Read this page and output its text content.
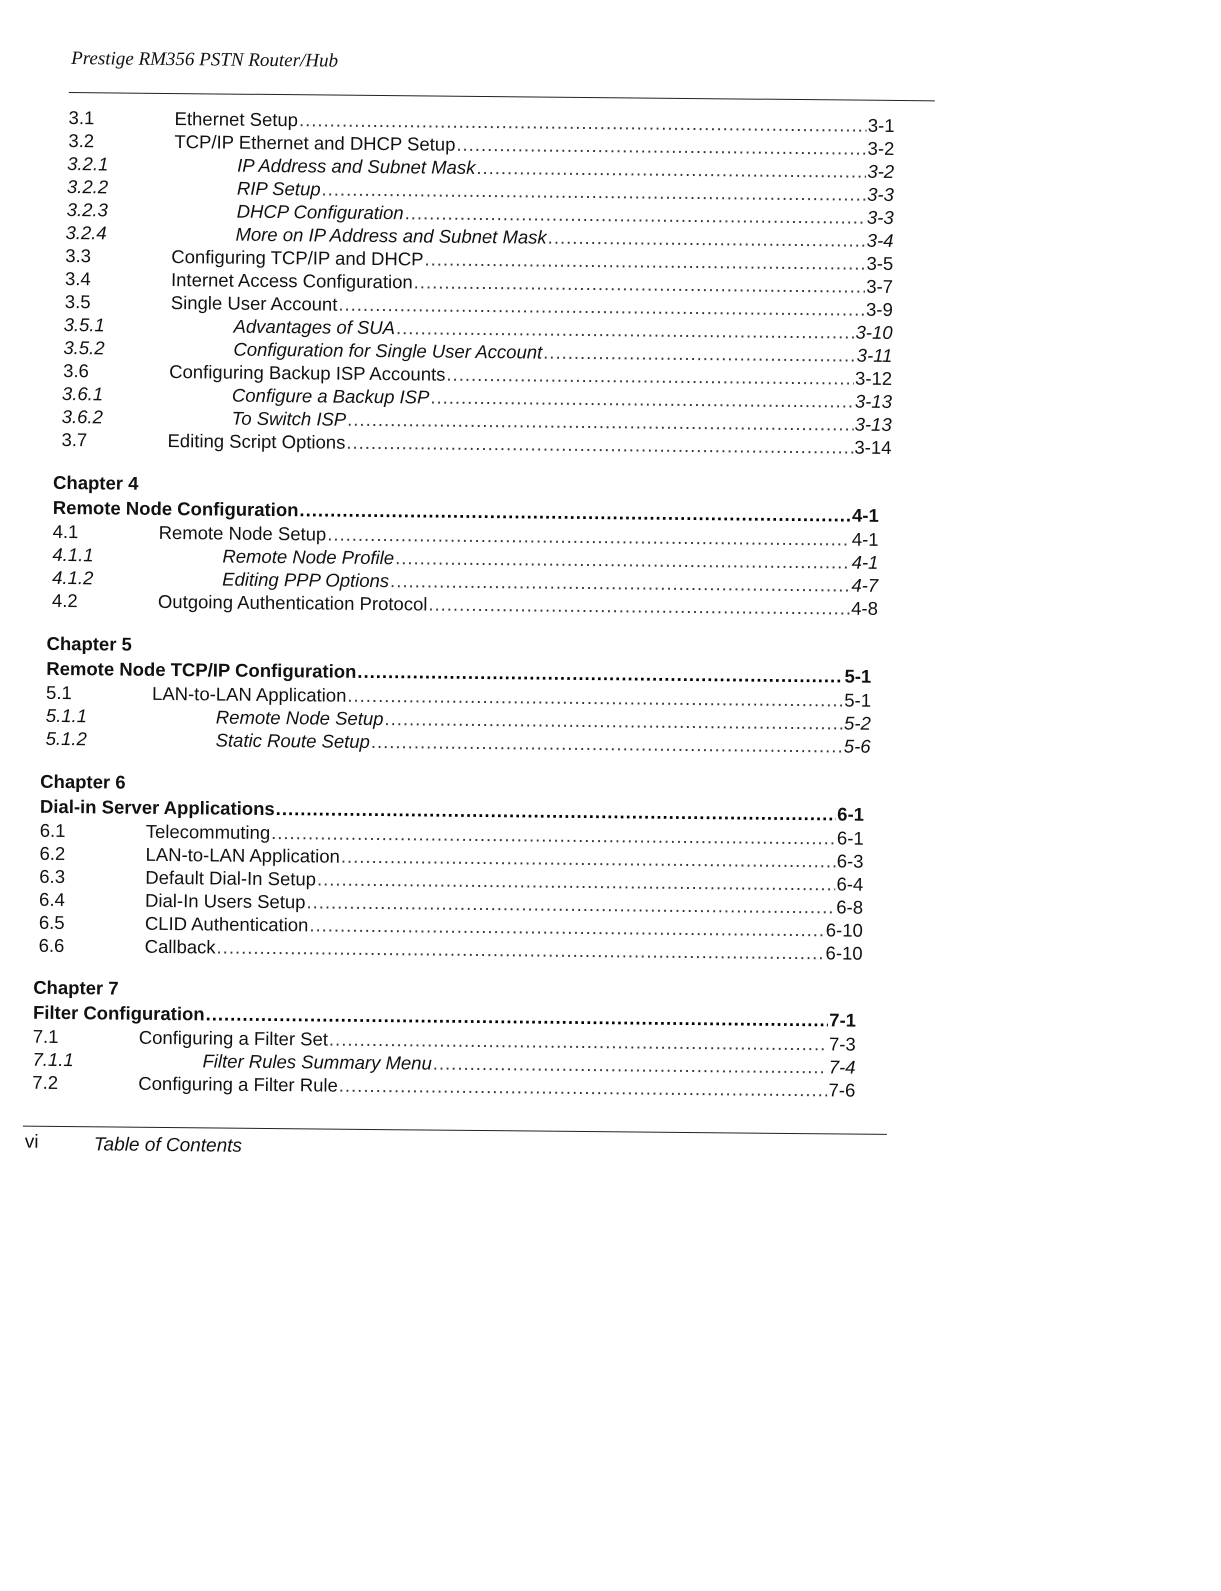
Prestige RM356 PSTN Router/Hub
3.1	Ethernet Setup .....	3-1
3.2	TCP/IP Ethernet and DHCP Setup .....	3-2
3.2.1	IP Address and Subnet Mask .....	3-2
3.2.2	RIP Setup .....	3-3
3.2.3	DHCP Configuration .....	3-3
3.2.4	More on IP Address and Subnet Mask .....	3-4
3.3	Configuring TCP/IP and DHCP .....	3-5
3.4	Internet Access Configuration .....	3-7
3.5	Single User Account .....	3-9
3.5.1	Advantages of SUA .....	3-10
3.5.2	Configuration for Single User Account .....	3-11
3.6	Configuring Backup ISP Accounts .....	3-12
3.6.1	Configure a Backup ISP .....	3-13
3.6.2	To Switch ISP .....	3-13
3.7	Editing Script Options .....	3-14
Chapter 4
Remote Node Configuration .....	4-1
4.1	Remote Node Setup .....	4-1
4.1.1	Remote Node Profile .....	4-1
4.1.2	Editing PPP Options .....	4-7
4.2	Outgoing Authentication Protocol .....	4-8
Chapter 5
Remote Node TCP/IP Configuration .....	5-1
5.1	LAN-to-LAN Application .....	5-1
5.1.1	Remote Node Setup .....	5-2
5.1.2	Static Route Setup .....	5-6
Chapter 6
Dial-in Server Applications .....	6-1
6.1	Telecommuting .....	6-1
6.2	LAN-to-LAN Application .....	6-3
6.3	Default Dial-In Setup .....	6-4
6.4	Dial-In Users Setup .....	6-8
6.5	CLID Authentication .....	6-10
6.6	Callback .....	6-10
Chapter 7
Filter Configuration .....	7-1
7.1	Configuring a Filter Set .....	7-3
7.1.1	Filter Rules Summary Menu .....	7-4
7.2	Configuring a Filter Rule .....	7-6
vi	Table of Contents
